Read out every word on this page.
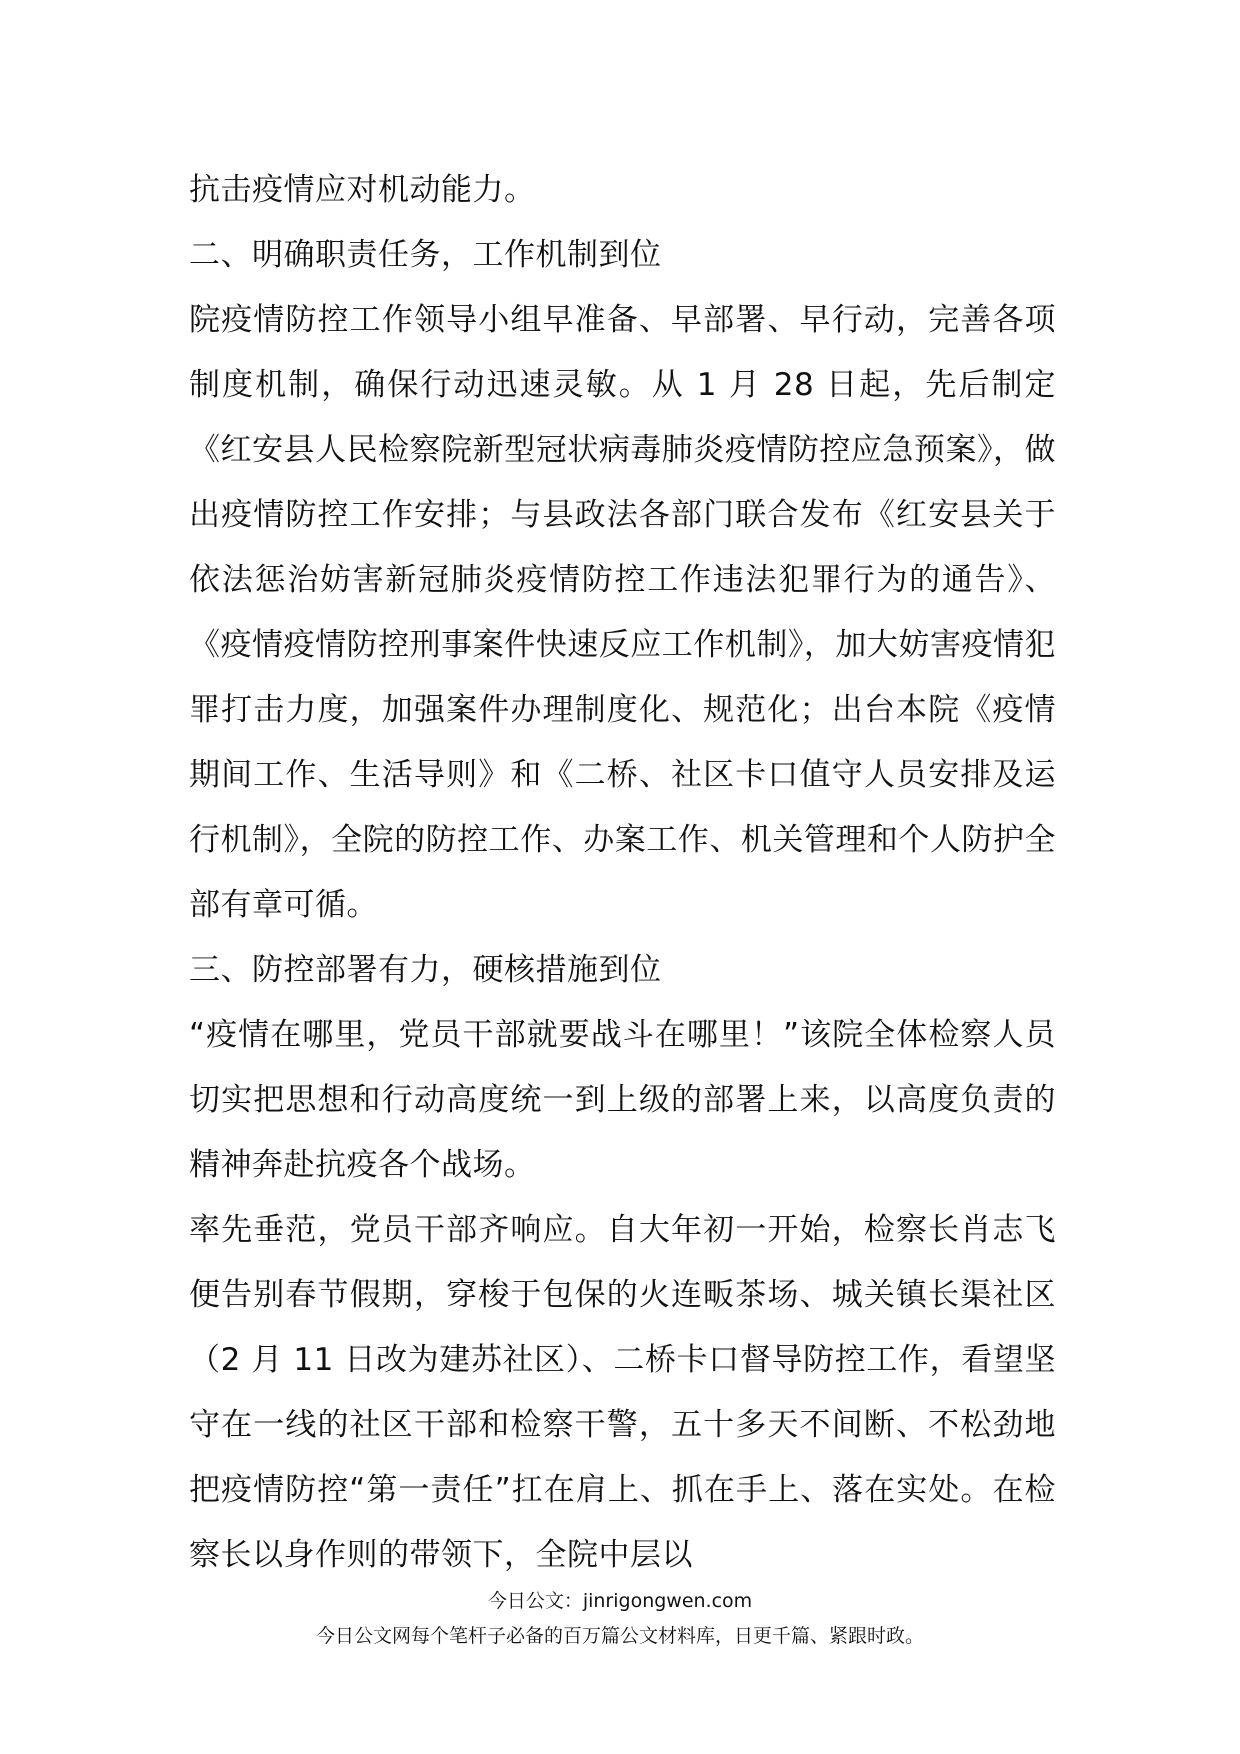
抗击疫情应对机动能力。

二、明确职责任务，工作机制到位

院疫情防控工作领导小组早准备、早部署、早行动，完善各项制度机制，确保行动迅速灵敏。从 1 月 28 日起，先后制定《红安县人民检察院新型冠状病毒肺炎疫情防控应急预案》，做出疫情防控工作安排；与县政法各部门联合发布《红安县关于依法惩治妨害新冠肺炎疫情防控工作违法犯罪行为的通告》、《疫情疫情防控刑事案件快速反应工作机制》，加大妨害疫情犯罪打击力度，加强案件办理制度化、规范化；出台本院《疫情期间工作、生活导则》和《二桥、社区卡口值守人员安排及运行机制》，全院的防控工作、办案工作、机关管理和个人防护全部有章可循。

三、防控部署有力，硬核措施到位

“疫情在哪里，党员干部就要战斗在哪里！”该院全体检察人员切实把思想和行动高度统一到上级的部署上来，以高度负责的精神奔赴抗疫各个战场。

率先垂范，党员干部齐响应。自大年初一开始，检察长肖志飞便告别春节假期，穿梭于包保的火连畈茶场、城关镇长渠社区（2 月 11 日改为建苏社区）、二桥卡口督导防控工作，看望坚守在一线的社区干部和检察干警，五十多天不间断、不松劲地把疫情防控“第一责任”扛在肩上、抓在手上、落在实处。在检察长以身作则的带领下，全院中层以

今日公文：jinrigongwen.com
今日公文网每个笔杆子必备的百万篇公文材料库，日更千篇、紧跟时政。
